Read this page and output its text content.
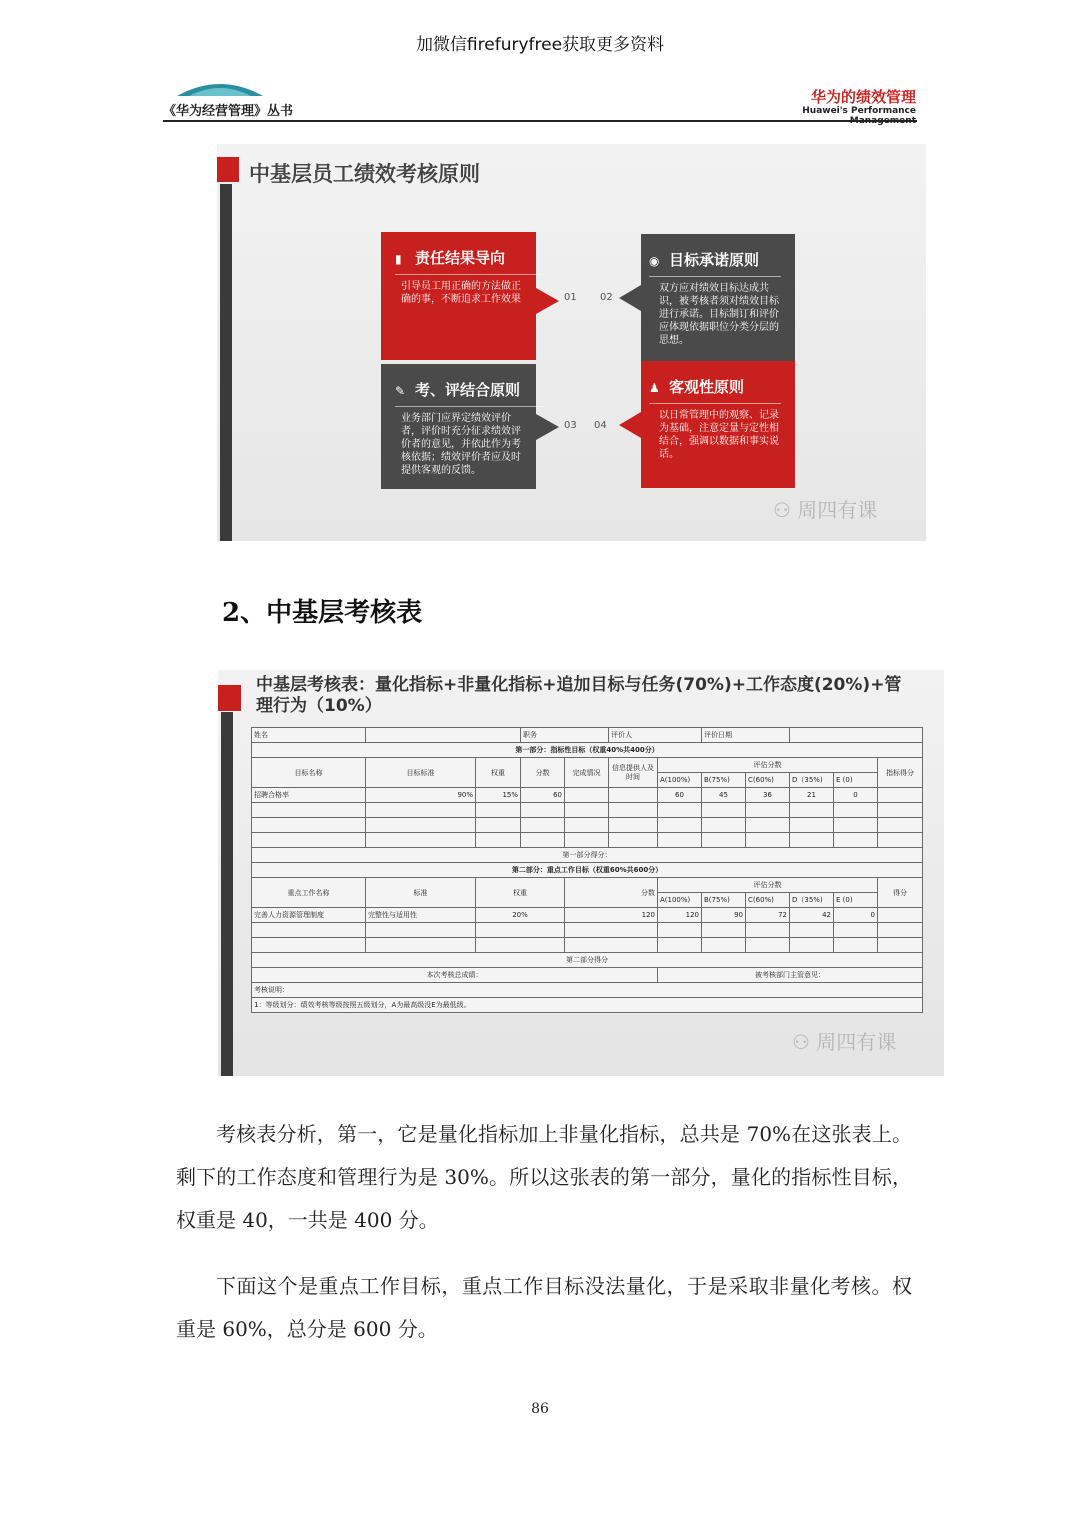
加微信firefuryfree获取更多资料
《华为经营管理》丛书
华为的绩效管理
Huawei's Performance
中基层员工绩效考核原则
▮ 责任结果导向
引导员工用正确的方法做正确的事，不断追求工作效果
◉ 目标承诺原则
双方应对绩效目标达成共识，被考核者须对绩效目标进行承诺。目标制订和评价应体现依据职位分类分层的思想。
✎ 考、评结合原则
业务部门应界定绩效评价者，评价时充分征求绩效评价者的意见，并依此作为考核依据；绩效评价者应及时提供客观的反馈。
♟ 客观性原则
以日常管理中的观察、记录为基础，注意定量与定性相结合，强调以数据和事实说话。
01 02
03 04
⚇ 周四有课
2、中基层考核表
中基层考核表：量化指标+非量化指标+追加目标与任务(70%)+工作态度(20%)+管理行为（10%）
姓名			职务		评价人		评价日期				
第一部分：指标性目标（权重40%共400分）											
目标名称	目标标准	权重	分数	完成情况	信息提供人及时间	评估分数					指标得分
						A(100%)	B(75%)	C(60%)	D（35%)	E (0)	
招聘合格率	90%	15%	60			60	45	36	21	0	

第一部分得分：											
第二部分：重点工作目标（权重60%共600分）											
重点工作名称	标准	权重		分数		评估分数					得分
						A(100%)	B(75%)	C(60%)	D（35%)	E (0)	
完善人力资源管理制度	完整性与适用性	20%		120		120	90	72	42	0	

第二部分得分											
本次考核总成绩：						被考核部门主管意见：					
考核说明：											
1：等级划分：绩效考核等级按照五级划分，A为最高级没E为最低级。											
⚇ 周四有课
考核表分析，第一，它是量化指标加上非量化指标，总共是 70%在这张表上。剩下的工作态度和管理行为是 30%。所以这张表的第一部分，量化的指标性目标，权重是 40，一共是 400 分。
下面这个是重点工作目标，重点工作目标没法量化，于是采取非量化考核。权重是 60%，总分是 600 分。
86
